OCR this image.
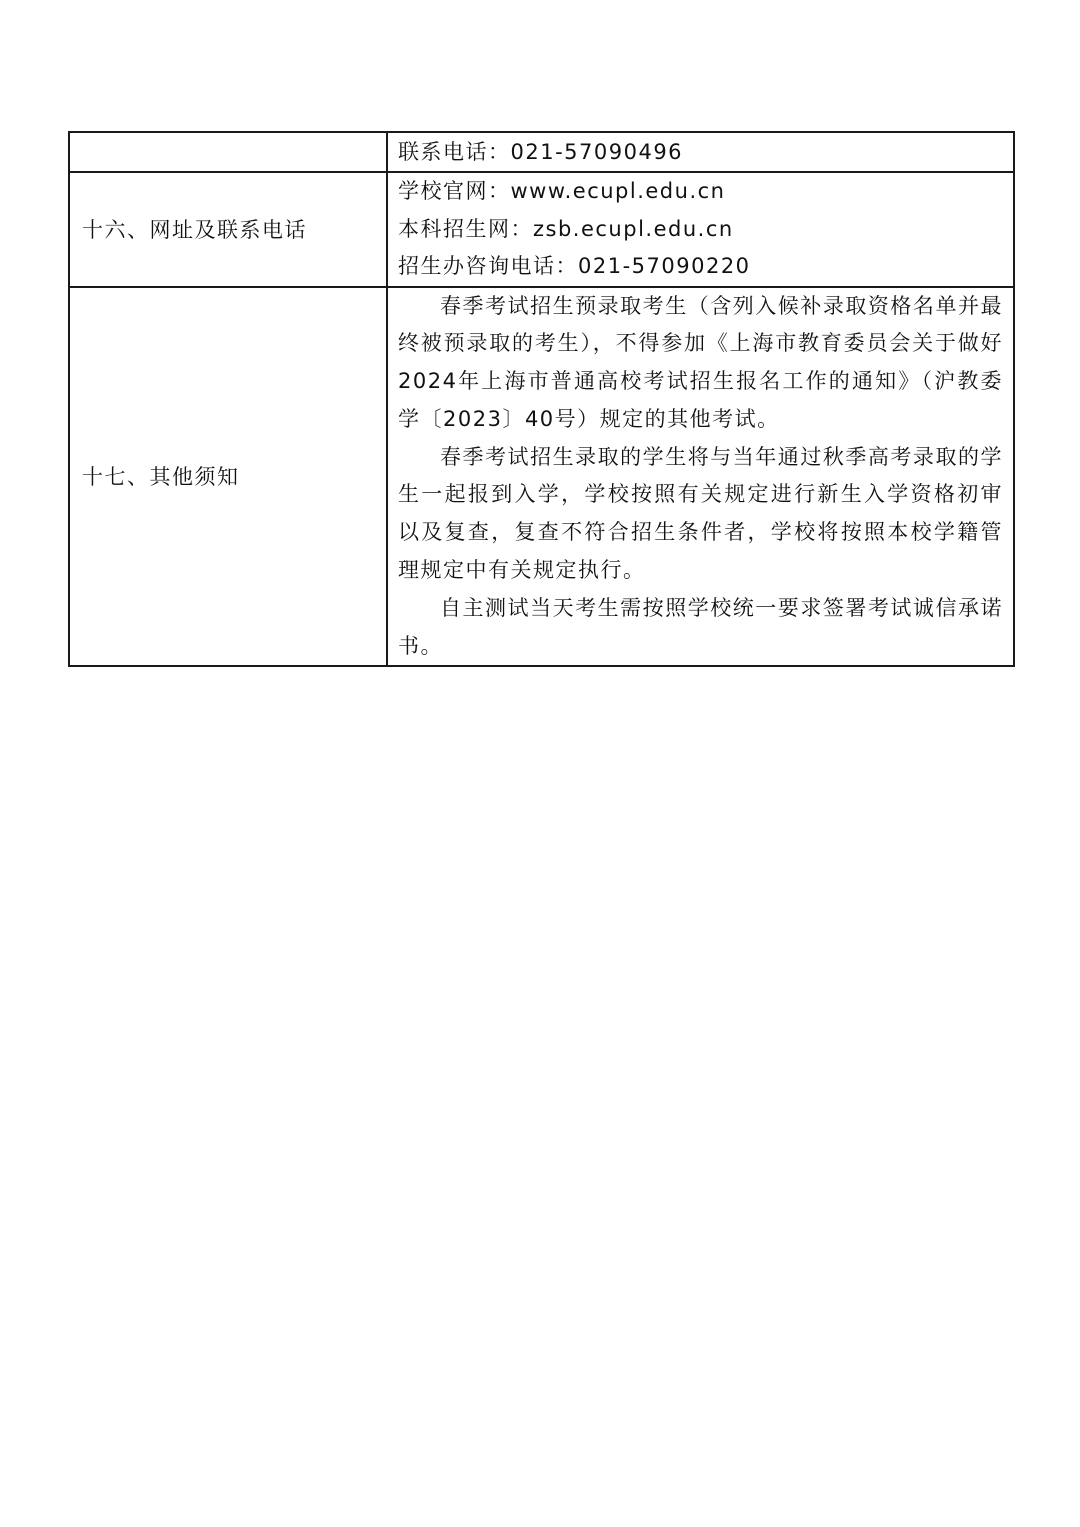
	联系电话：021-57090496

十六、网址及联系电话	学校官网：www.ecupl.edu.cn
本科招生网：zsb.ecupl.edu.cn
招生办咨询电话：021-57090220

十七、其他须知	春季考试招生预录取考生（含列入候补录取资格名单并最终被预录取的考生），不得参加《上海市教育委员会关于做好2024年上海市普通高校考试招生报名工作的通知》（沪教委学〔2023〕40号）规定的其他考试。

春季考试招生录取的学生将与当年通过秋季高考录取的学生一起报到入学，学校按照有关规定进行新生入学资格初审以及复查，复查不符合招生条件者，学校将按照本校学籍管理规定中有关规定执行。

自主测试当天考生需按照学校统一要求签署考试诚信承诺书。
